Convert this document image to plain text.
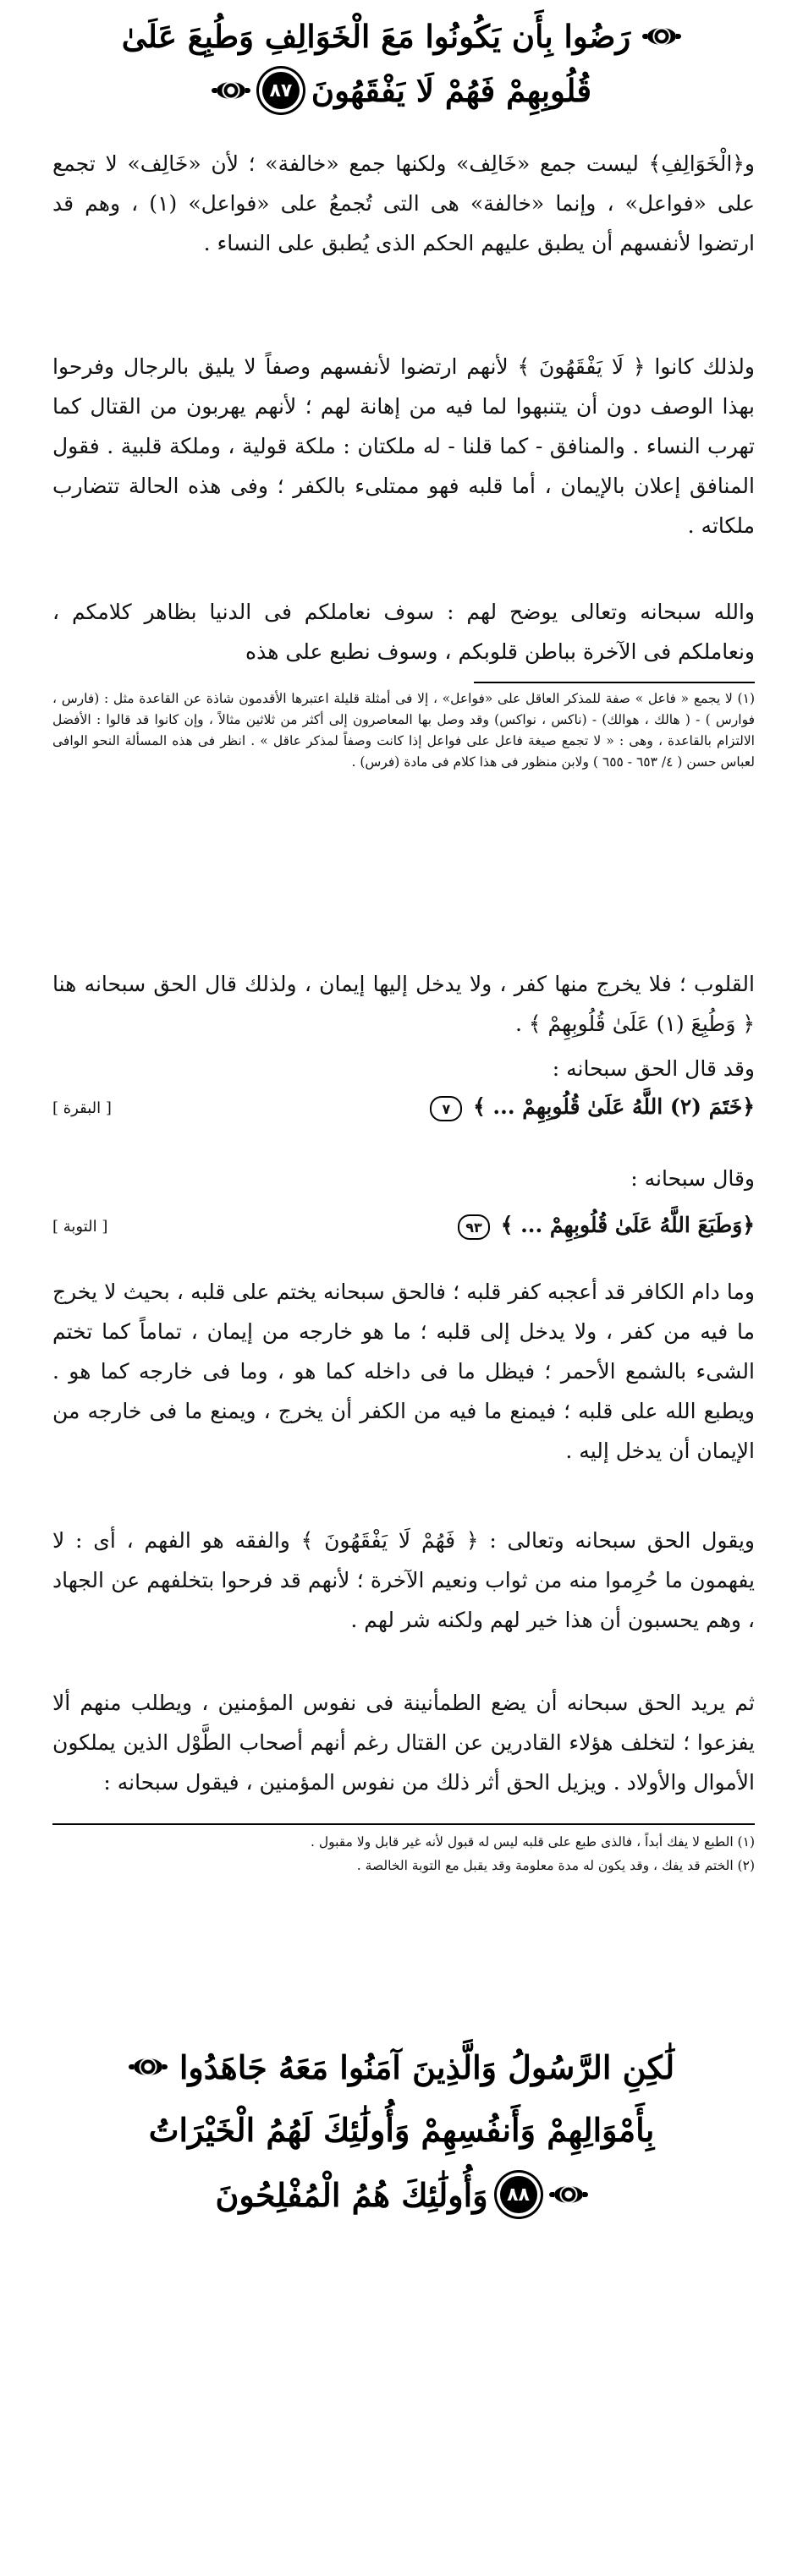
رَضُوا بِأَن يَكُونُوا مَعَ الْخَوَالِفِ وَطُبِعَ عَلَىٰ
قُلُوبِهِمْ فَهُمْ لَا يَفْقَهُونَ
٨٧
و﴿الْخَوَالِفِ﴾ ليست جمع «خَالِف» ولكنها جمع «خالفة» ؛ لأن «خَالِف» لا تجمع على «فواعل» ، وإنما «خالفة» هى التى تُجمعُ على «فواعل» (١) ، وهم قد ارتضوا لأنفسهم أن يطبق عليهم الحكم الذى يُطبق على النساء .
ولذلك كانوا ﴿ لَا يَفْقَهُونَ ﴾ لأنهم ارتضوا لأنفسهم وصفاً لا يليق بالرجال وفرحوا بهذا الوصف دون أن يتنبهوا لما فيه من إهانة لهم ؛ لأنهم يهربون من القتال كما تهرب النساء . والمنافق - كما قلنا - له ملكتان : ملكة قولية ، وملكة قلبية . فقول المنافق إعلان بالإيمان ، أما قلبه فهو ممتلىء بالكفر ؛ وفى هذه الحالة تتضارب ملكاته .
والله سبحانه وتعالى يوضح لهم : سوف نعاملكم فى الدنيا بظاهر كلامكم ، ونعاملكم فى الآخرة بباطن قلوبكم ، وسوف نطبع على هذه
(١) لا يجمع « فاعل » صفة للمذكر العاقل على «فواعل» ، إلا فى أمثلة قليلة اعتبرها الأقدمون شاذة عن القاعدة مثل : (فارس ، فوارس ) - ( هالك ، هوالك) - (ناكس ، نواكس) وقد وصل بها المعاصرون إلى أكثر من ثلاثين مثالاً ، وإن كانوا قد قالوا : الأفضل الالتزام بالقاعدة ، وهى : « لا تجمع صيغة فاعل على فواعل إذا كانت وصفاً لمذكر عاقل » . انظر فى هذه المسألة النحو الوافى لعباس حسن ( ٤/ ٦٥٣ - ٦٥٥ ) ولابن منظور فى هذا كلام فى مادة (فرس) .
القلوب ؛ فلا يخرج منها كفر ، ولا يدخل إليها إيمان ، ولذلك قال الحق سبحانه هنا ﴿ وَطُبِعَ (١) عَلَىٰ قُلُوبِهِمْ ﴾ .
وقد قال الحق سبحانه :
﴿خَتَمَ (٢) اللَّهُ عَلَىٰ قُلُوبِهِمْ ... ﴾ ٧
[ البقرة ]
وقال سبحانه :
﴿وَطَبَعَ اللَّهُ عَلَىٰ قُلُوبِهِمْ ... ﴾ ٩٣
[ التوبة ]
وما دام الكافر قد أعجبه كفر قلبه ؛ فالحق سبحانه يختم على قلبه ، بحيث لا يخرج ما فيه من كفر ، ولا يدخل إلى قلبه ؛ ما هو خارجه من إيمان ، تماماً كما تختم الشىء بالشمع الأحمر ؛ فيظل ما فى داخله كما هو ، وما فى خارجه كما هو . ويطبع الله على قلبه ؛ فيمنع ما فيه من الكفر أن يخرج ، ويمنع ما فى خارجه من الإيمان أن يدخل إليه .
ويقول الحق سبحانه وتعالى : ﴿ فَهُمْ لَا يَفْقَهُونَ ﴾ والفقه هو الفهم ، أى : لا يفهمون ما حُرِموا منه من ثواب ونعيم الآخرة ؛ لأنهم قد فرحوا بتخلفهم عن الجهاد ، وهم يحسبون أن هذا خير لهم ولكنه شر لهم .
ثم يريد الحق سبحانه أن يضع الطمأنينة فى نفوس المؤمنين ، ويطلب منهم ألا يفزعوا ؛ لتخلف هؤلاء القادرين عن القتال رغم أنهم أصحاب الطَّوْل الذين يملكون الأموال والأولاد . ويزيل الحق أثر ذلك من نفوس المؤمنين ، فيقول سبحانه :
(١) الطبع لا يفك أبداً ، فالذى طبع على قلبه ليس له قبول لأنه غير قابل ولا مقبول .
(٢) الختم قد يفك ، وقد يكون له مدة معلومة وقد يقبل مع التوبة الخالصة .
لَٰكِنِ الرَّسُولُ وَالَّذِينَ آمَنُوا مَعَهُ جَاهَدُوا
بِأَمْوَالِهِمْ وَأَنفُسِهِمْ وَأُولَٰئِكَ لَهُمُ الْخَيْرَاتُ
٨٨
وَأُولَٰئِكَ هُمُ الْمُفْلِحُونَ
